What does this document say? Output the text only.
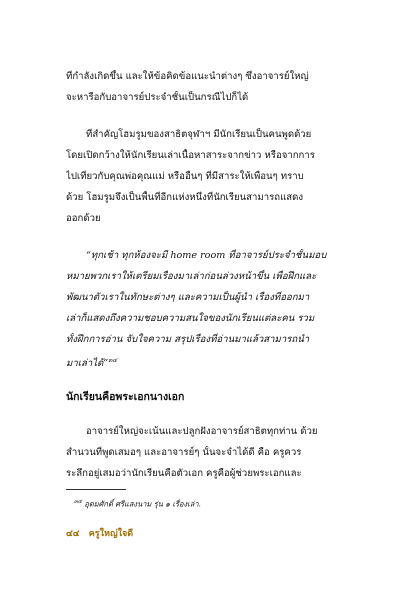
ที่กำลังเกิดขึ้น และให้ข้อคิดข้อแนะนำต่างๆ ซึ่งอาจารย์ใหญ่
จะหารือกับอาจารย์ประจำชั้นเป็นกรณีไปก็ได้
ที่สำคัญโฮมรูมของสาธิตจุฬาฯ มีนักเรียนเป็นคนพูดด้วย
โดยเปิดกว้างให้นักเรียนเล่าเนื้อหาสาระจากข่าว หรือจากการ
ไปเที่ยวกับคุณพ่อคุณแม่ หรืออื่นๆ ที่มีสาระให้เพื่อนๆ ทราบ
ด้วย โฮมรูมจึงเป็นพื้นที่อีกแห่งหนึ่งที่นักเรียนสามารถแสดง
ออกด้วย
“ทุกเช้า ทุกห้องจะมี home room ที่อาจารย์ประจำชั้นมอบ
หมายพวกเราให้เตรียมเรื่องมาเล่าก่อนล่วงหน้าขึ้น เพื่อฝึกและ
พัฒนาตัวเราในทักษะต่างๆ และความเป็นผู้นำ เรื่องที่ออกมา
เล่าก็แสดงถึงความชอบความสนใจของนักเรียนแต่ละคน รวม
ทั้งฝึกการอ่าน จับใจความ สรุปเรื่องที่อ่านมาแล้วสามารถนำ
มาเล่าได้”$^{๓๔}$
นักเรียนคือพระเอกนางเอก
อาจารย์ใหญ่จะเน้นและปลูกฝังอาจารย์สาธิตทุกท่าน ด้วย
สำนวนที่พูดเสมอๆ และอาจารย์ๆ นั้นจะจำได้ดี คือ ครูควร
ระลึกอยู่เสมอว่านักเรียนคือตัวเอก ครูคือผู้ช่วยพระเอกและ
$^{๓๔}$ อุดมศักดิ์ ศรีแสงนาม รุ่น ๑ เรื่องเล่า.
๔๔ ครูใหญ่ใจดี
